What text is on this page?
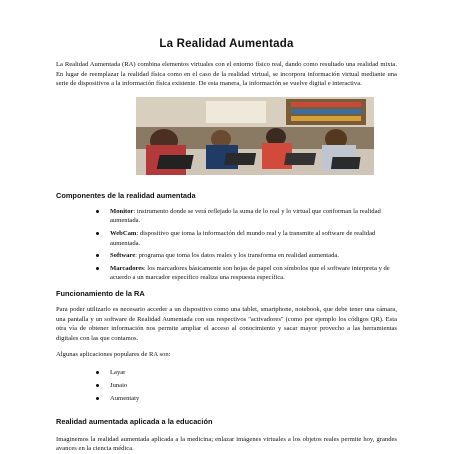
La Realidad Aumentada

La Realidad Aumentada (RA) combina elementos virtuales con el entorno físico real, dando como resultado una realidad mixta. En lugar de reemplazar la realidad física como en el caso de la realidad virtual, se incorpora información virtual mediante una serie de dispositivos a la información física existente. De esta manera, la información se vuelve digital e interactiva.

Componentes de la realidad aumentada
Monitor: instrumento donde se verá reflejado la suma de lo real y lo virtual que conforman la realidad aumentada.
WebCam: dispositivo que toma la información del mundo real y la transmite al software de realidad aumentada.
Software: programa que toma los datos reales y los transforma en realidad aumentada.
Marcadores: los marcadores básicamente son hojas de papel con símbolos que el software interpreta y de acuerdo a un marcador específico realiza una respuesta específica.
Funcionamiento de la RA

Para poder utilizarlo es necesario acceder a un dispositivo como una tablet, smartphone, notebook, que debe tener una cámara, una pantalla y un software de Realidad Aumentada con sus respectivos "activadores" (como por ejemplo los códigos QR). Esta otra vía de obtener información nos permite ampliar el acceso al conocimiento y sacar mayor provecho a las herramientas digitales con las que contamos.

Algunas aplicaciones populares de RA son:

Layar
Junaio
Aumentaty
Realidad aumentada aplicada a la educación

Imaginemos la realidad aumentada aplicada a la medicina; enlazar imágenes virtuales a los objetos reales permite hoy, grandes avances en la ciencia médica.
